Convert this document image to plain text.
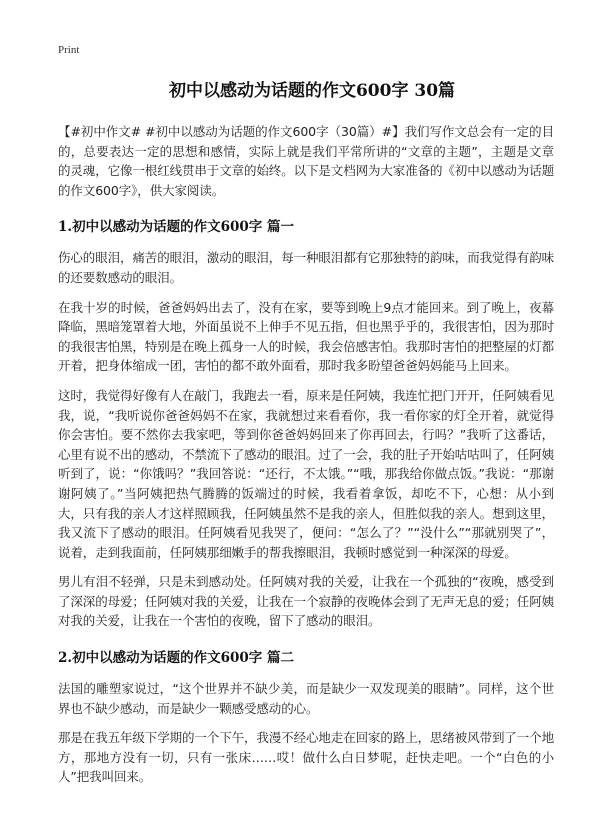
Print
初中以感动为话题的作文600字 30篇

【#初中作文# #初中以感动为话题的作文600字（30篇）#】我们写作文总会有一定的目的，总要表达一定的思想和感情，实际上就是我们平常所讲的“文章的主题”，主题是文章的灵魂，它像一根红线贯串于文章的始终。以下是文档网为大家准备的《初中以感动为话题的作文600字》，供大家阅读。

1.初中以感动为话题的作文600字 篇一

伤心的眼泪，痛苦的眼泪，激动的眼泪，每一种眼泪都有它那独特的韵味，而我觉得有韵味的还要数感动的眼泪。

在我十岁的时候，爸爸妈妈出去了，没有在家，要等到晚上9点才能回来。到了晚上，夜幕降临，黑暗笼罩着大地，外面虽说不上伸手不见五指，但也黑乎乎的，我很害怕，因为那时的我很害怕黑，特别是在晚上孤身一人的时候，我会倍感害怕。我那时害怕的把整屋的灯都开着，把身体缩成一团，害怕的都不敢外面看，那时我多盼望爸爸妈妈能马上回来。

这时，我觉得好像有人在敲门，我跑去一看，原来是任阿姨，我连忙把门开开，任阿姨看见我，说，“我听说你爸爸妈妈不在家，我就想过来看看你，我一看你家的灯全开着，就觉得你会害怕。要不然你去我家吧，等到你爸爸妈妈回来了你再回去，行吗？”我听了这番话，心里有说不出的感动，不禁流下了感动的眼泪。过了一会，我的肚子开始咕咕叫了，任阿姨听到了，说：“你饿吗？”我回答说：“还行，不太饿。”“哦，那我给你做点饭。”我说：“那谢谢阿姨了。”当阿姨把热气腾腾的饭端过的时候，我看着拿饭，却吃不下，心想：从小到大，只有我的亲人才这样照顾我，任阿姨虽然不是我的亲人，但胜似我的亲人。想到这里，我又流下了感动的眼泪。任阿姨看见我哭了，便问：“怎么了？”“没什么”“那就别哭了”，说着，走到我面前，任阿姨那细嫩手的帮我擦眼泪，我顿时感觉到一种深深的母爱。

男儿有泪不轻弹，只是未到感动处。任阿姨对我的关爱，让我在一个孤独的“夜晚，感受到了深深的母爱；任阿姨对我的关爱，让我在一个寂静的夜晚体会到了无声无息的爱；任阿姨对我的关爱，让我在一个害怕的夜晚，留下了感动的眼泪。

2.初中以感动为话题的作文600字 篇二

法国的雕塑家说过，“这个世界并不缺少美，而是缺少一双发现美的眼睛”。同样，这个世界也不缺少感动，而是缺少一颗感受感动的心。

那是在我五年级下学期的一个下午，我漫不经心地走在回家的路上，思绪被风带到了一个地方，那地方没有一切，只有一张床……哎！做什么白日梦呢，赶快走吧。一个“白色的小人”把我叫回来。
